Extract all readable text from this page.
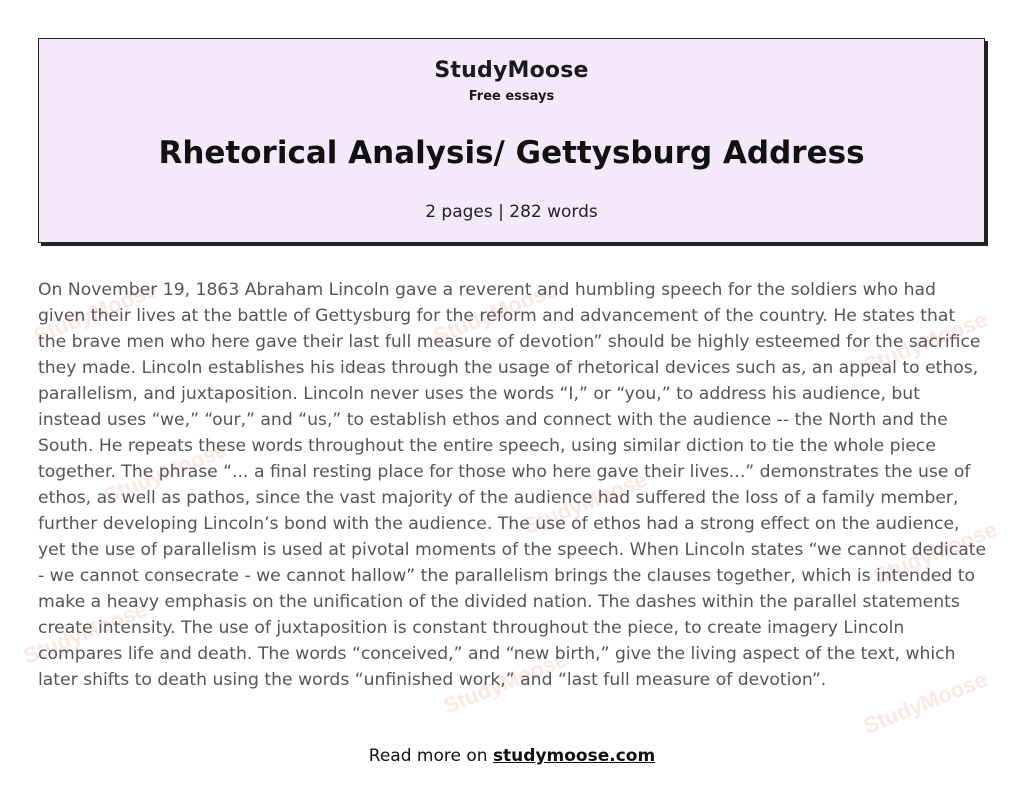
StudyMoose	StudyMoose	StudyMoose
StudyMoose	StudyMoose
StudyMoose
StudyMoose
StudyMoose	StudyMoose
StudyMoose
Free essays
Rhetorical Analysis/ Gettysburg Address
2 pages | 282 words

On November 19, 1863 Abraham Lincoln gave a reverent and humbling speech for the soldiers who had given their lives at the battle of Gettysburg for the reform and advancement of the country. He states that the brave men who here gave their last full measure of devotion” should be highly esteemed for the sacrifice they made. Lincoln establishes his ideas through the usage of rhetorical devices such as, an appeal to ethos, parallelism, and juxtaposition. Lincoln never uses the words “I,” or “you,” to address his audience, but instead uses “we,” “our,” and “us,” to establish ethos and connect with the audience -- the North and the South. He repeats these words throughout the entire speech, using similar diction to tie the whole piece together. The phrase “... a final resting place for those who here gave their lives...” demonstrates the use of ethos, as well as pathos, since the vast majority of the audience had suffered the loss of a family member, further developing Lincoln’s bond with the audience. The use of ethos had a strong effect on the audience, yet the use of parallelism is used at pivotal moments of the speech. When Lincoln states “we cannot dedicate - we cannot consecrate - we cannot hallow” the parallelism brings the clauses together, which is intended to make a heavy emphasis on the unification of the divided nation. The dashes within the parallel statements create intensity. The use of juxtaposition is constant throughout the piece, to create imagery Lincoln compares life and death. The words “conceived,” and “new birth,” give the living aspect of the text, which later shifts to death using the words “unfinished work,” and “last full measure of devotion”.

Read more on studymoose.com
